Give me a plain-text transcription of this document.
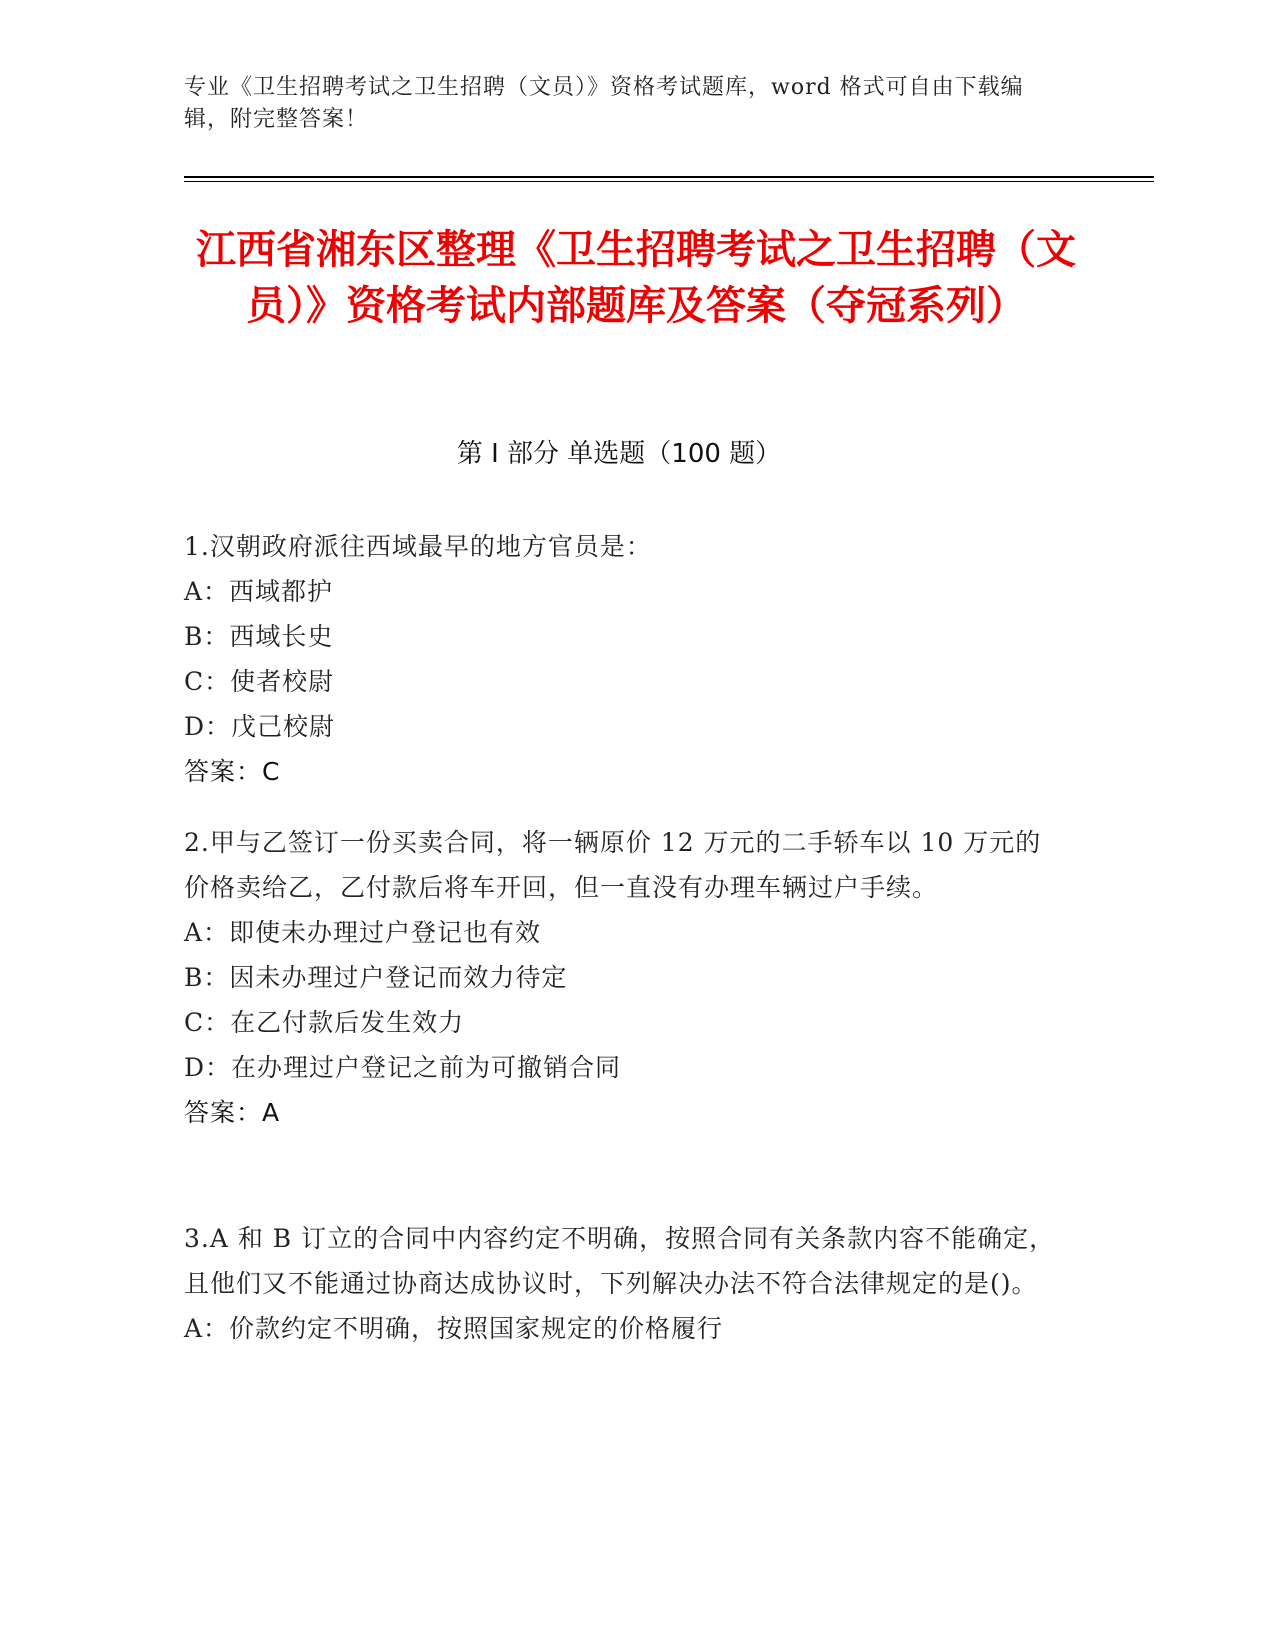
专业《卫生招聘考试之卫生招聘（文员）》资格考试题库，word 格式可自由下载编辑，附完整答案！
江西省湘东区整理《卫生招聘考试之卫生招聘（文员）》资格考试内部题库及答案（夺冠系列）
第 I 部分 单选题（100 题）

1.汉朝政府派往西域最早的地方官员是：

A：西域都护

B：西域长史

C：使者校尉

D：戊己校尉

答案：C

2.甲与乙签订一份买卖合同，将一辆原价 12 万元的二手轿车以 10 万元的价格卖给乙，乙付款后将车开回，但一直没有办理车辆过户手续。

A：即使未办理过户登记也有效

B：因未办理过户登记而效力待定

C：在乙付款后发生效力

D：在办理过户登记之前为可撤销合同

答案：A

3.A 和 B 订立的合同中内容约定不明确，按照合同有关条款内容不能确定，且他们又不能通过协商达成协议时，下列解决办法不符合法律规定的是()。

A：价款约定不明确，按照国家规定的价格履行
